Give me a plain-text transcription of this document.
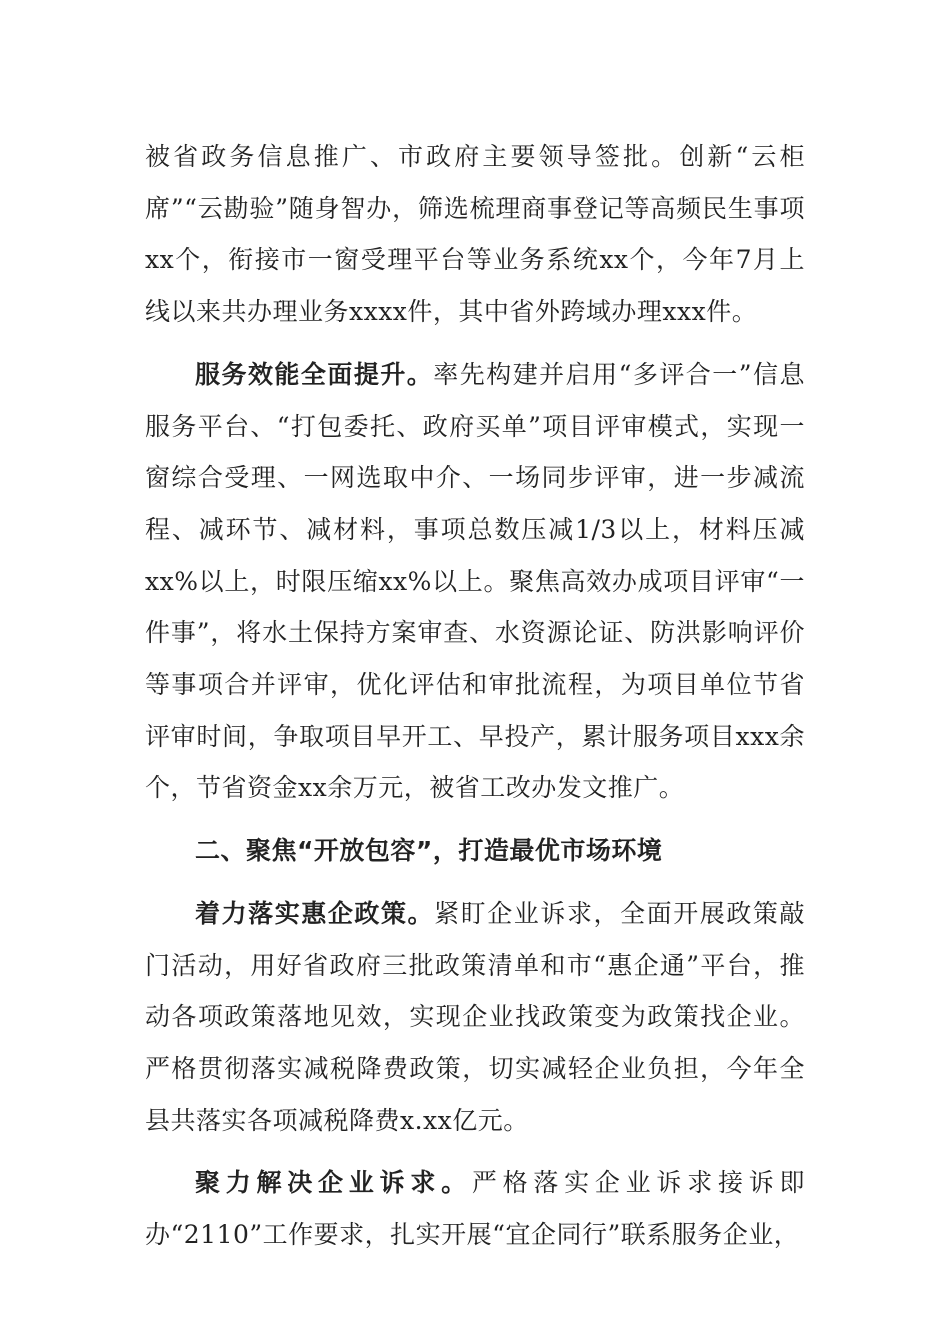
被省政务信息推广、市政府主要领导签批。创新“云柜席”“云勘验”随身智办，筛选梳理商事登记等高频民生事项xx个，衔接市一窗受理平台等业务系统xx个，今年7月上线以来共办理业务xxxx件，其中省外跨域办理xxx件。

服务效能全面提升。率先构建并启用“多评合一”信息服务平台、“打包委托、政府买单”项目评审模式，实现一窗综合受理、一网选取中介、一场同步评审，进一步减流程、减环节、减材料，事项总数压减1/3以上，材料压减xx%以上，时限压缩xx%以上。聚焦高效办成项目评审“一件事”，将水土保持方案审查、水资源论证、防洪影响评价等事项合并评审，优化评估和审批流程，为项目单位节省评审时间，争取项目早开工、早投产，累计服务项目xxx余个，节省资金xx余万元，被省工改办发文推广。

二、聚焦“开放包容”，打造最优市场环境

着力落实惠企政策。紧盯企业诉求，全面开展政策敲门活动，用好省政府三批政策清单和市“惠企通”平台，推动各项政策落地见效，实现企业找政策变为政策找企业。严格贯彻落实减税降费政策，切实减轻企业负担，今年全县共落实各项减税降费x.xx亿元。

聚力解决企业诉求。严格落实企业诉求接诉即办“2110”工作要求，扎实开展“宜企同行”联系服务企业，
